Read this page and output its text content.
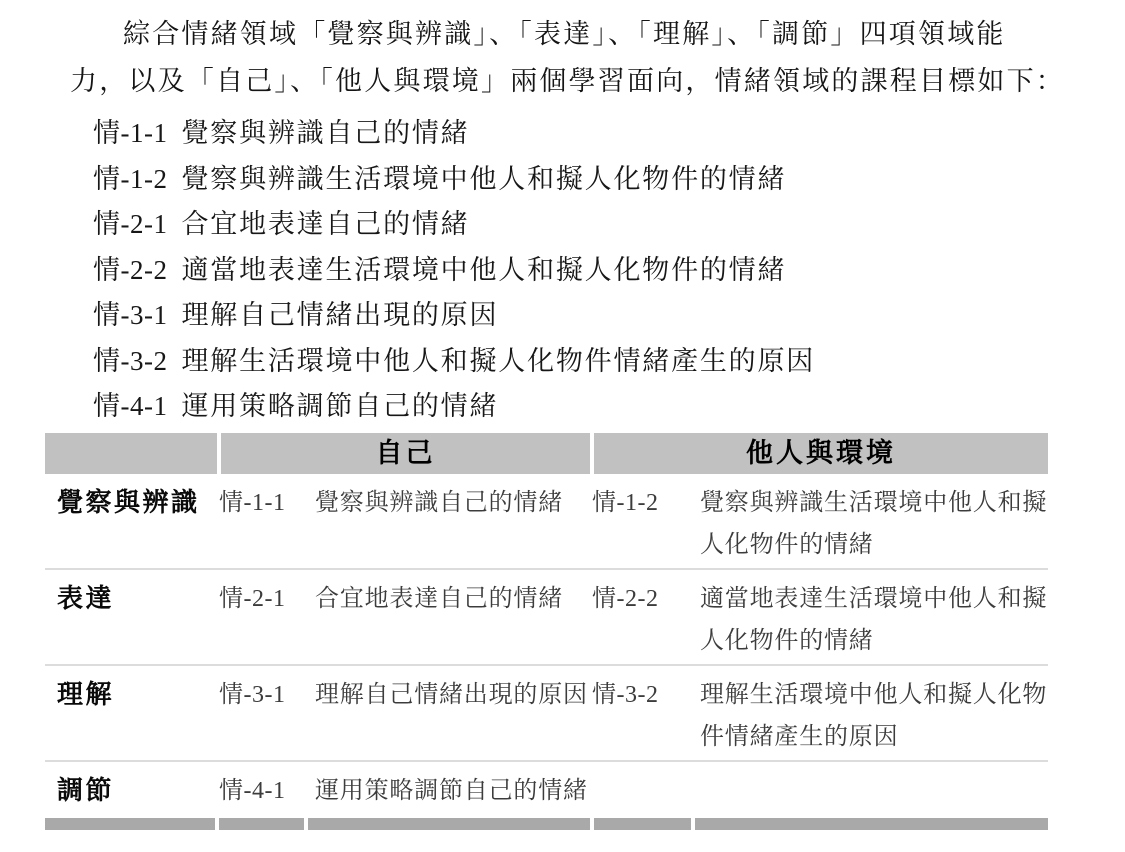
綜合情緒領域「覺察與辨識」、「表達」、「理解」、「調節」四項領域能
力，以及「自己」、「他人與環境」兩個學習面向，情緒領域的課程目標如下：

情-1-1 覺察與辨識自己的情緒
情-1-2 覺察與辨識生活環境中他人和擬人化物件的情緒
情-2-1 合宜地表達自己的情緒
情-2-2 適當地表達生活環境中他人和擬人化物件的情緒
情-3-1 理解自己情緒出現的原因
情-3-2 理解生活環境中他人和擬人化物件情緒產生的原因
情-4-1 運用策略調節自己的情緒
自己	他人與環境
覺察與辨識 情-1-1	覺察與辨識自己的情緒	情-1-2	覺察與辨識生活環境中他人和擬人化物件的情緒
表達	情-2-1	合宜地表達自己的情緒	情-2-2	適當地表達生活環境中他人和擬人化物件的情緒
理解	情-3-1	理解自己情緒出現的原因 情-3-2	理解生活環境中他人和擬人化物件情緒產生的原因
調節	情-4-1	運用策略調節自己的情緒
